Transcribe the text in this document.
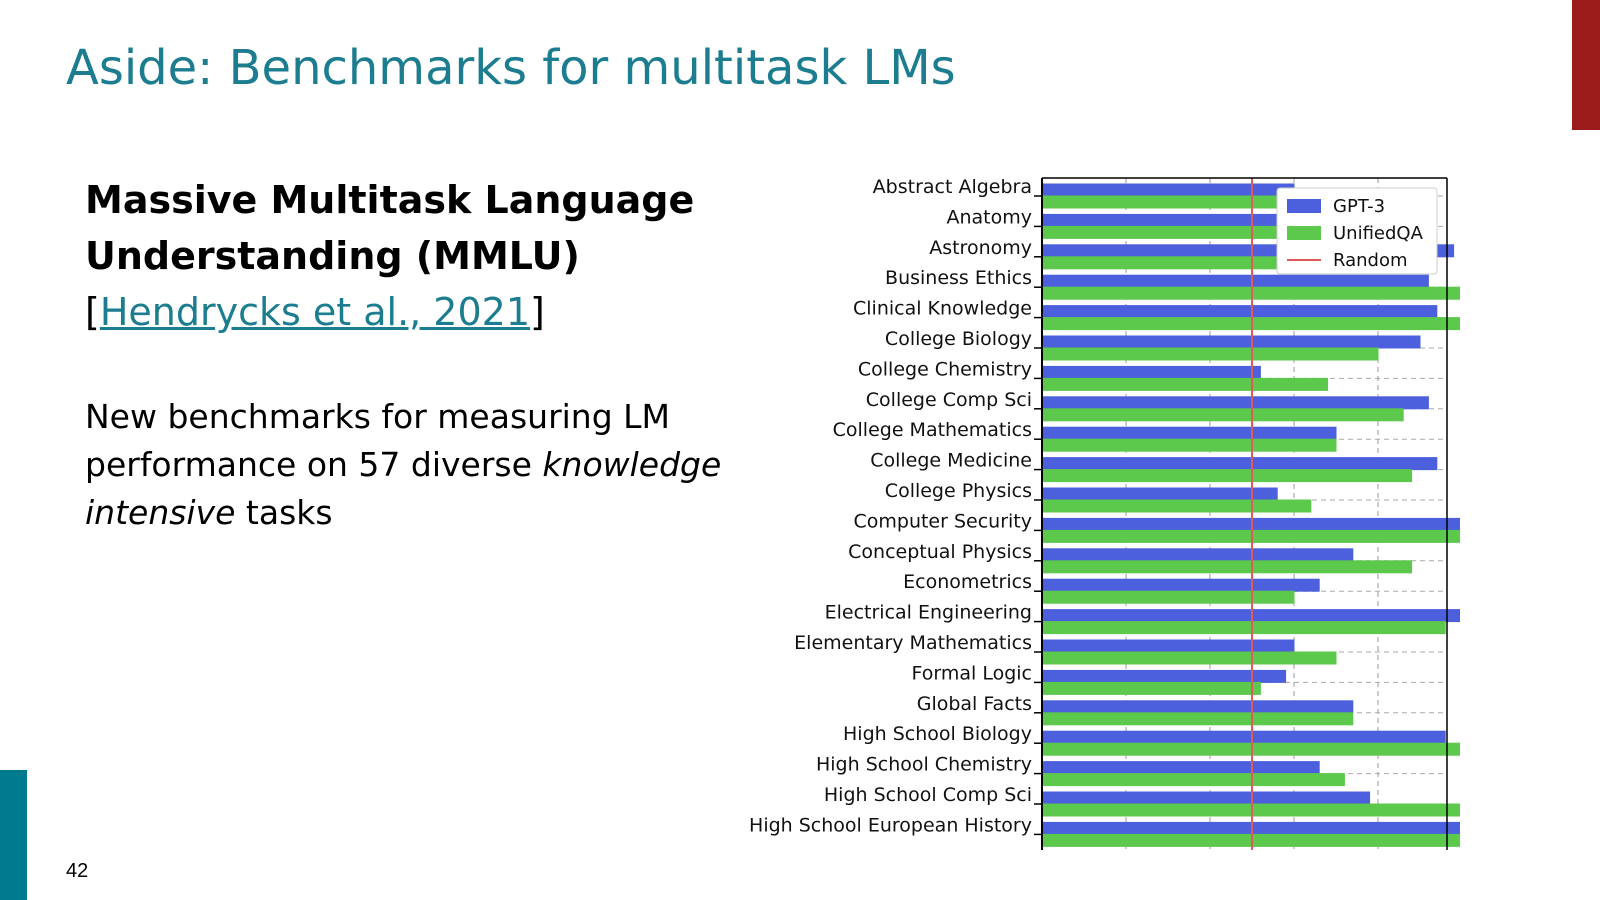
Aside: Benchmarks for multitask LMs
Massive Multitask Language Understanding (MMLU)
[Hendrycks et al., 2021]
New benchmarks for measuring LM performance on 57 diverse knowledge intensive tasks
42
Abstract Algebra
Anatomy
Astronomy
Business Ethics
Clinical Knowledge
College Biology
College Chemistry
College Comp Sci
College Mathematics
College Medicine
College Physics
Computer Security
Conceptual Physics
Econometrics
Electrical Engineering
Elementary Mathematics
Formal Logic
Global Facts
High School Biology
High School Chemistry
High School Comp Sci
High School European History
GPT-3
UnifiedQA
Random
